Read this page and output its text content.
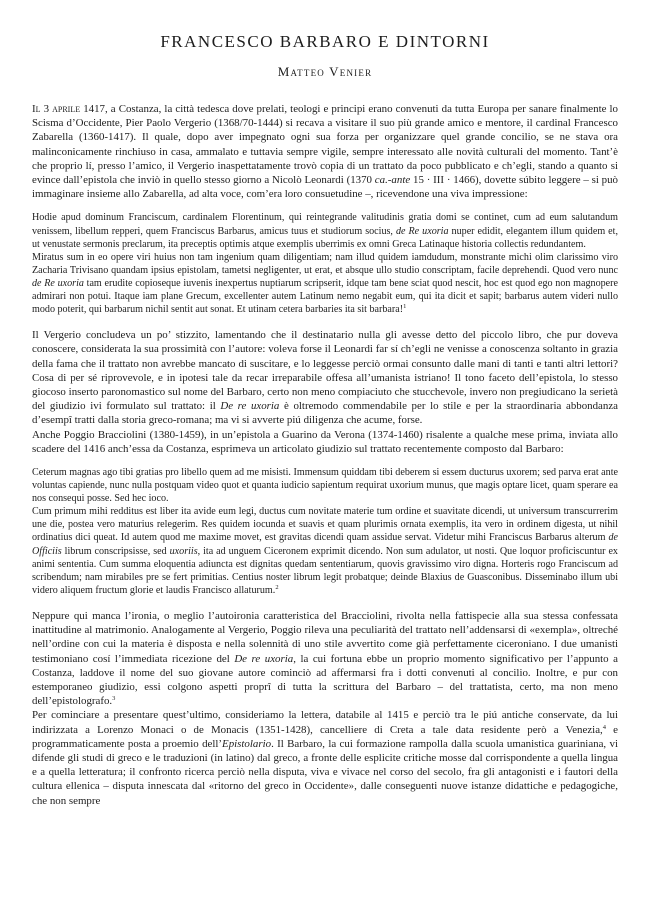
FRANCESCO BARBARO E DINTORNI
Matteo Venier

Il 3 aprile 1417, a Costanza, la città tedesca dove prelati, teologi e principi erano convenuti da tutta Europa per sanare finalmente lo Scisma d’Occidente, Pier Paolo Vergerio (1368/70-1444) si recava a visitare il suo più grande amico e mentore, il cardinal Francesco Zabarella (1360-1417). Il quale, dopo aver impegnato ogni sua forza per organizzare quel grande concilio, se ne stava ora malinconicamente rinchiuso in casa, ammalato e tuttavia sempre vigile, sempre interessato alle novità culturali del momento. Tant’è che proprio lí, presso l’amico, il Vergerio inaspettatamente trovò copia di un trattato da poco pubblicato e ch’egli, stando a quanto si evince dall’epistola che inviò in quello stesso giorno a Nicolò Leonardi (1370 ca.-ante 15 · III · 1466), dovette súbito leggere – si può immaginare insieme allo Zabarella, ad alta voce, com’era loro consuetudine –, ricevendone una viva impressione:

Hodie apud dominum Franciscum, cardinalem Florentinum, qui reintegrande valitudinis gratia domi se continet, cum ad eum salutandum venissem, libellum repperi, quem Franciscus Barbarus, amicus tuus et studiorum socius, de Re uxoria nuper edidit, elegantem illum quidem et, ut venustate sermonis preclarum, ita preceptis optimis atque exemplis uberrimis ex omni Greca Latinaque historia collectis redundantem.

Miratus sum in eo opere viri huius non tam ingenium quam diligentiam; nam illud quidem iamdudum, monstrante michi olim clarissimo viro Zacharia Trivisano quandam ipsius epistolam, tametsi negligenter, ut erat, et absque ullo studio conscriptam, facile deprehendi. Quod vero nunc de Re uxoria tam erudite copioseque iuvenis inexpertus nuptiarum scripserit, idque tam bene sciat quod nescit, hoc est quod ego non magnopere admirari non potui. Itaque iam plane Grecum, excellenter autem Latinum nemo negabit eum, qui ita dicit et sapit; barbarus autem videri nullo modo poterit, qui barbarum nichil sentit aut sonat. Et utinam cetera barbaries ita sit barbara!$^1$

Il Vergerio concludeva un po’ stizzito, lamentando che il destinatario nulla gli avesse detto del piccolo libro, che pur doveva conoscere, considerata la sua prossimità con l’autore: voleva forse il Leonardi far sí ch’egli ne venisse a conoscenza soltanto in grazia della fama che il trattato non avrebbe mancato di suscitare, e lo leggesse perciò ormai consunto dalle mani di tanti e tanti altri lettori? Cosa di per sé riprovevole, e in ipotesi tale da recar irreparabile offesa all’umanista istriano! Il tono faceto dell’epistola, lo stesso giocoso inserto paronomastico sul nome del Barbaro, certo non meno compiaciuto che stucchevole, invero non pregiudicano la serietà del giudizio ivi formulato sul trattato: il De re uxoria è oltremodo commendabile per lo stile e per la straordinaria abbondanza d’esempî tratti dalla storia greco-romana; ma vi si avverte piú diligenza che acume, forse.

Anche Poggio Bracciolini (1380-1459), in un’epistola a Guarino da Verona (1374-1460) risalente a qualche mese prima, inviata allo scadere del 1416 anch’essa da Costanza, esprimeva un articolato giudizio sul trattato recentemente composto dal Barbaro:

Ceterum magnas ago tibi gratias pro libello quem ad me misisti. Immensum quiddam tibi deberem si essem ducturus uxorem; sed parva erat ante voluntas capiende, nunc nulla postquam video quot et quanta iudicio sapientum requirat uxorium munus, que magis optare licet, quam sperare ea nos consequi posse. Sed hec ioco.

Cum primum mihi redditus est liber ita avide eum legi, ductus cum novitate materie tum ordine et suavitate dicendi, ut universum transcurrerim une die, postea vero maturius relegerim. Res quidem iocunda et suavis et quam plurimis ornata exemplis, ita vero in ordinem digesta, ut nihil ordinatius dici queat. Id autem quod me maxime movet, est gravitas dicendi quam assidue servat. Videtur mihi Franciscus Barbarus alterum de Officiis librum conscripsisse, sed uxoriis, ita ad unguem Ciceronem exprimit dicendo. Non sum adulator, ut nosti. Que loquor proficiscuntur ex animi sententia. Cum summa eloquentia adiuncta est dignitas quedam sententiarum, quovis gravissimo viro digna. Horteris rogo Franciscum ad scribendum; nam mirabiles pre se fert primitias. Centius noster librum legit probatque; deinde Blaxius de Guasconibus. Disseminabo illum ubi videro aliquem fructum glorie et laudis Francisco allaturum.$^2$

Neppure qui manca l’ironia, o meglio l’autoironia caratteristica del Bracciolini, rivolta nella fattispecie alla sua stessa confessata inattitudine al matrimonio. Analogamente al Vergerio, Poggio rileva una peculiarità del trattato nell’addensarsi di «exempla», oltreché nell’ordine con cui la materia è disposta e nella solennità di uno stile avvertito come già perfettamente ciceroniano. I due umanisti testimoniano cosí l’immediata ricezione del De re uxoria, la cui fortuna ebbe un proprio momento significativo per l’appunto a Costanza, laddove il nome del suo giovane autore cominciò ad affermarsi fra i dotti convenuti al concilio. Inoltre, e pur con estemporaneo giudizio, essi colgono aspetti proprî di tutta la scrittura del Barbaro – del trattatista, certo, ma non meno dell’epistolografo.$^3$

Per cominciare a presentare quest’ultimo, consideriamo la lettera, databile al 1415 e perciò tra le piú antiche conservate, da lui indirizzata a Lorenzo Monaci o de Monacis (1351-1428), cancelliere di Creta a tale data residente però a Venezia,$^4$ e programmaticamente posta a proemio dell’Epistolario. Il Barbaro, la cui formazione rampolla dalla scuola umanistica guariniana, vi difende gli studi di greco e le traduzioni (in latino) dal greco, a fronte delle esplicite critiche mosse dal corrispondente a quella lingua e a quella letteratura; il confronto ricerca perciò nella disputa, viva e vivace nel corso del secolo, fra gli antagonisti e i fautori della cultura ellenica – disputa innescata dal «ritorno del greco in Occidente», dalle conseguenti nuove istanze didattiche e pedagogiche, che non sempre
